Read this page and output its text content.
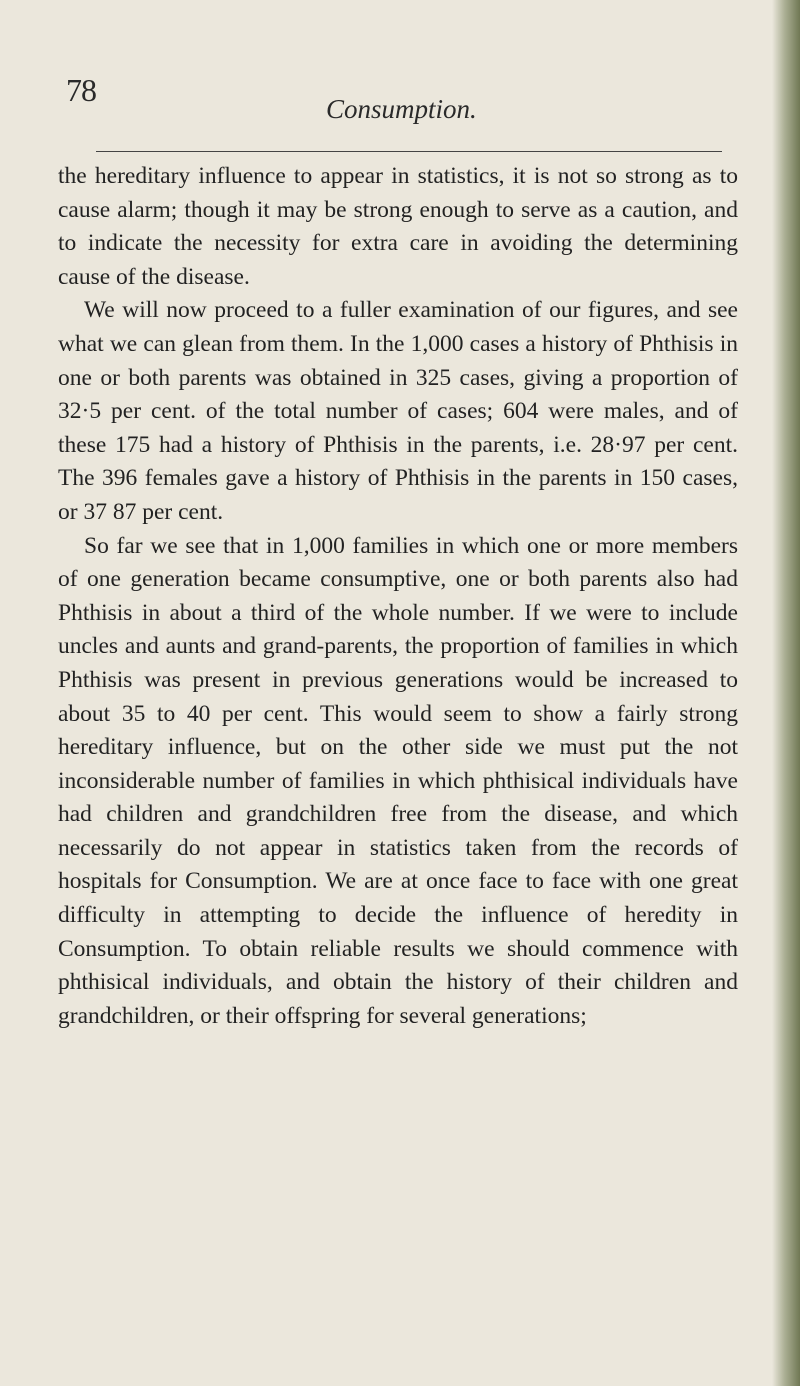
78
Consumption.

the hereditary influence to appear in statistics, it is not so strong as to cause alarm; though it may be strong enough to serve as a caution, and to indicate the necessity for extra care in avoiding the determining cause of the disease.

We will now proceed to a fuller examination of our figures, and see what we can glean from them. In the 1,000 cases a history of Phthisis in one or both parents was obtained in 325 cases, giving a proportion of 32·5 per cent. of the total number of cases; 604 were males, and of these 175 had a history of Phthisis in the parents, i.e. 28·97 per cent. The 396 females gave a history of Phthisis in the parents in 150 cases, or 37 87 per cent.

So far we see that in 1,000 families in which one or more members of one generation became consumptive, one or both parents also had Phthisis in about a third of the whole number. If we were to include uncles and aunts and grand-parents, the proportion of families in which Phthisis was present in previous generations would be increased to about 35 to 40 per cent. This would seem to show a fairly strong hereditary influence, but on the other side we must put the not inconsiderable number of families in which phthisical individuals have had children and grandchildren free from the disease, and which necessarily do not appear in statistics taken from the records of hospitals for Consumption. We are at once face to face with one great difficulty in attempting to decide the influence of heredity in Consumption. To obtain reliable results we should commence with phthisical individuals, and obtain the history of their children and grandchildren, or their offspring for several generations;
